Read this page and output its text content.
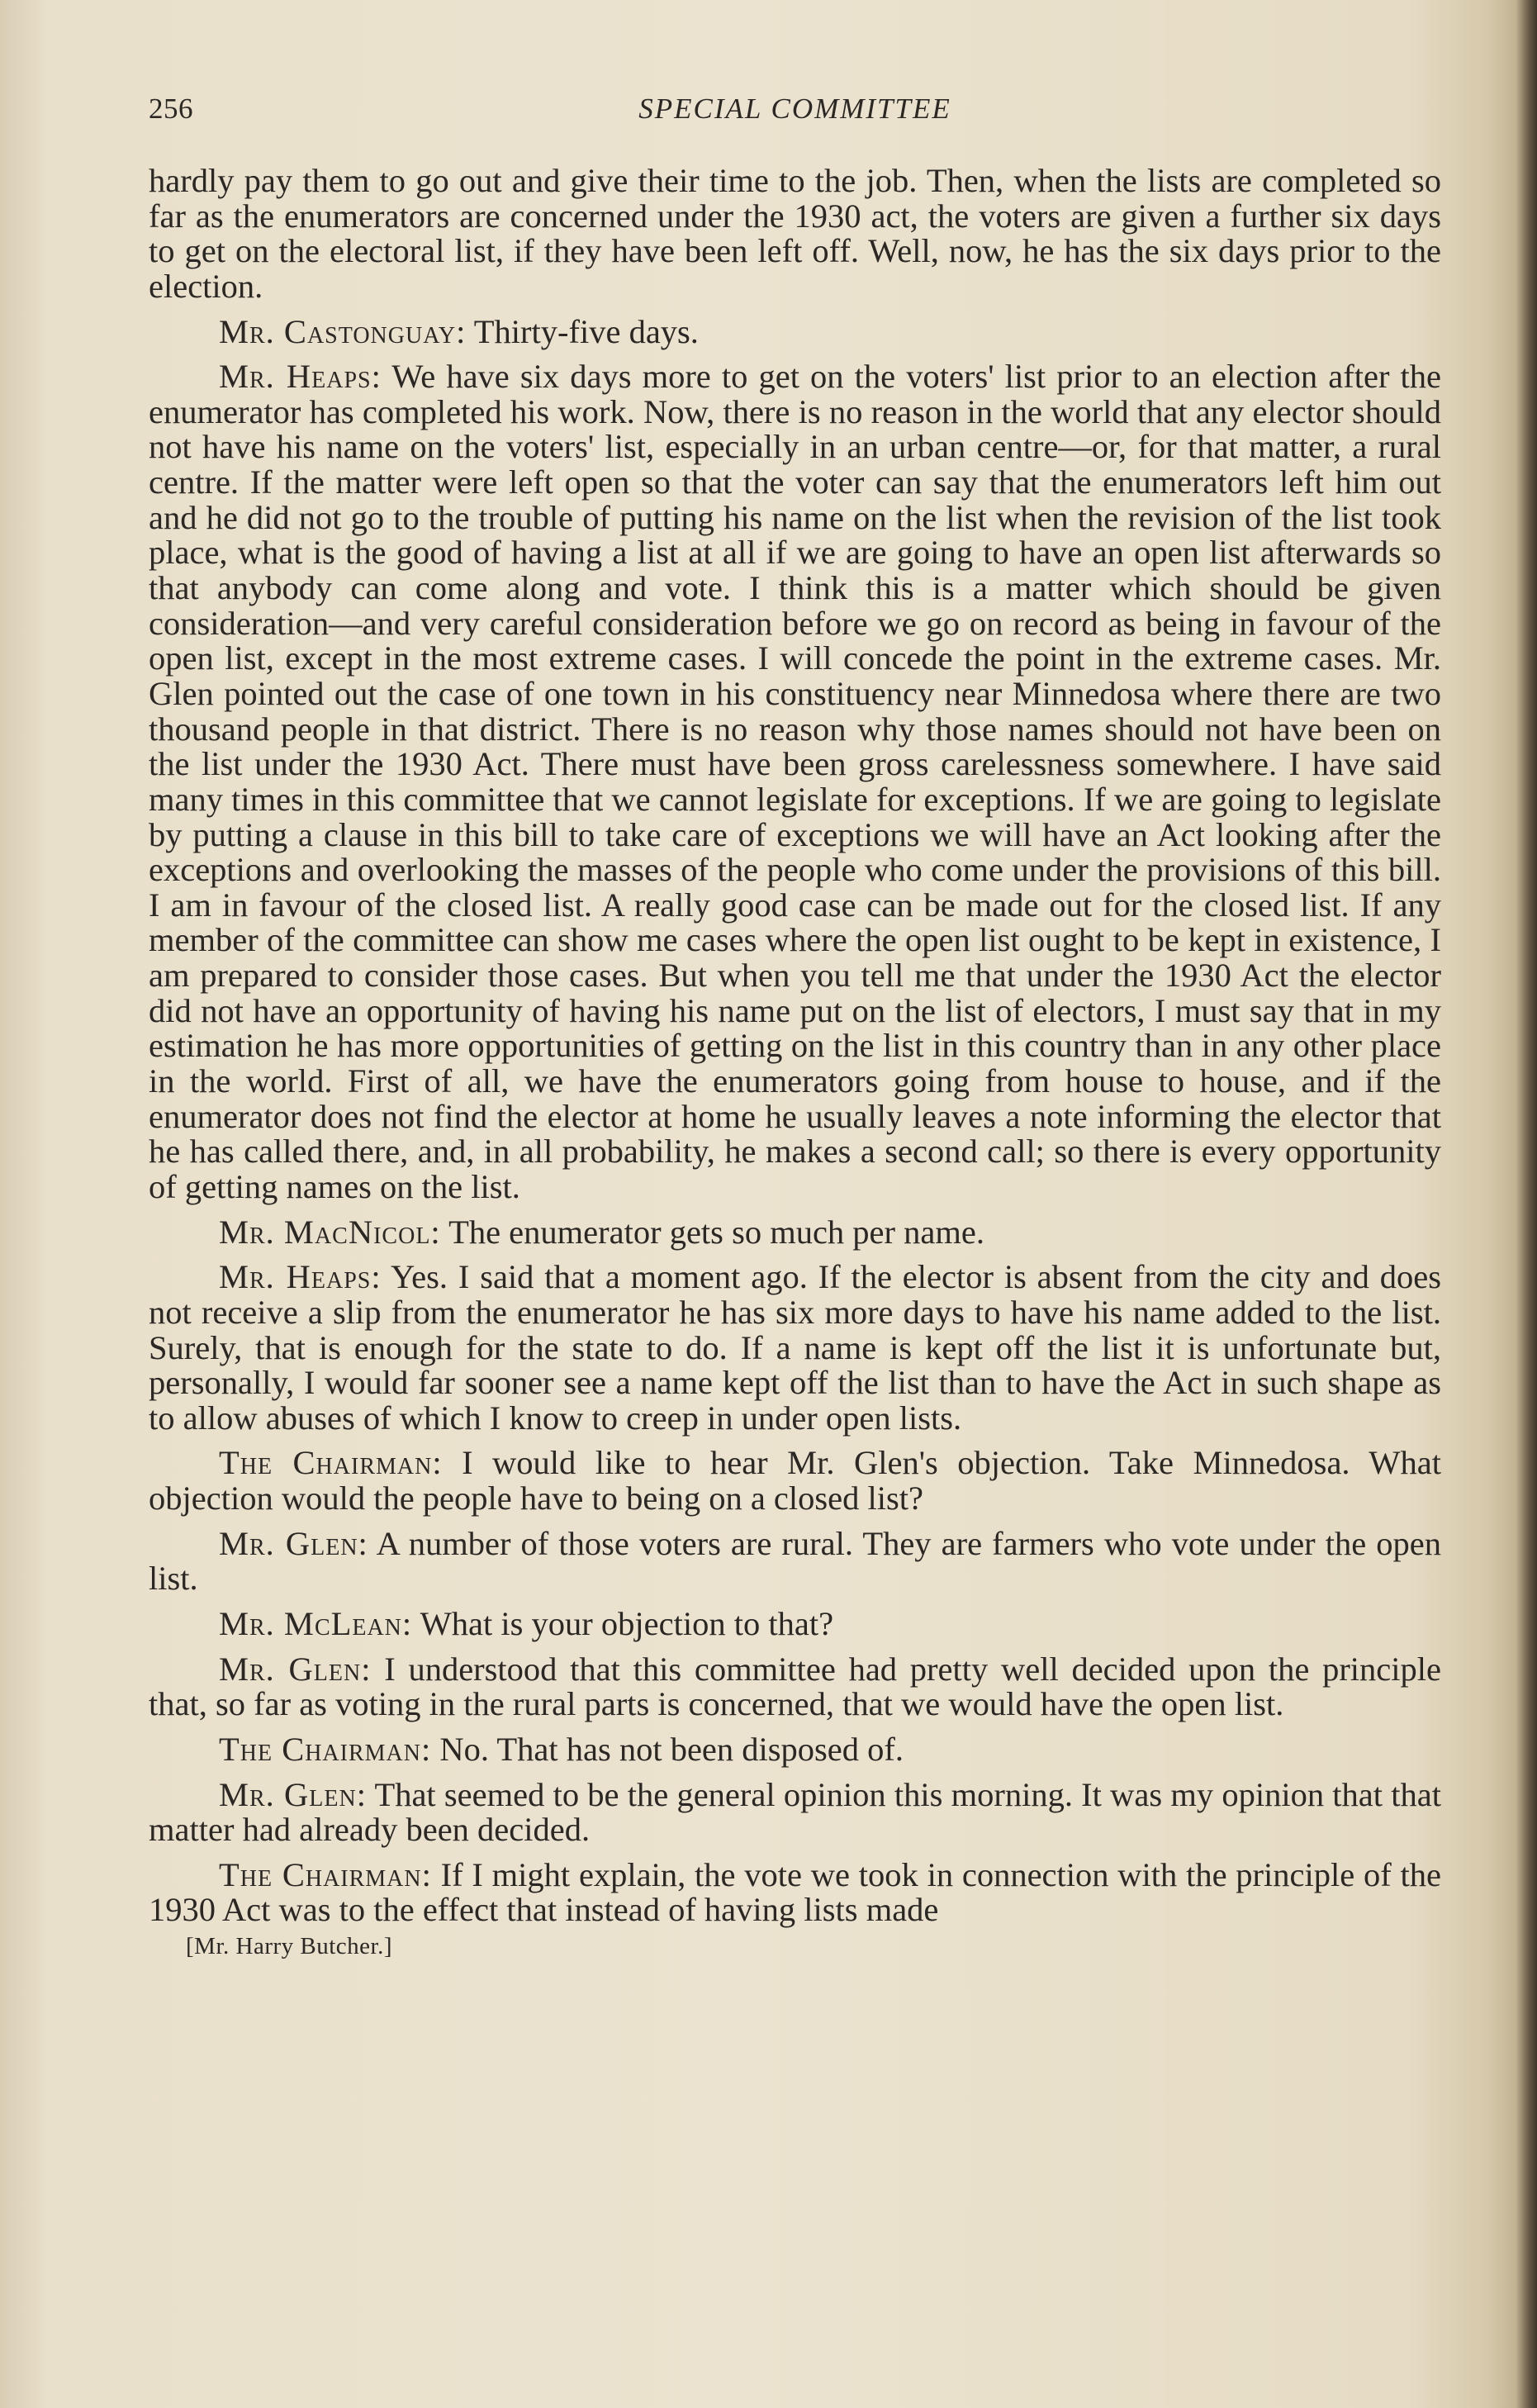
256	SPECIAL COMMITTEE

hardly pay them to go out and give their time to the job. Then, when the lists are completed so far as the enumerators are concerned under the 1930 act, the voters are given a further six days to get on the electoral list, if they have been left off. Well, now, he has the six days prior to the election.

Mr. Castonguay: Thirty-five days.

Mr. Heaps: We have six days more to get on the voters' list prior to an election after the enumerator has completed his work. Now, there is no reason in the world that any elector should not have his name on the voters' list, especially in an urban centre—or, for that matter, a rural centre. If the matter were left open so that the voter can say that the enumerators left him out and he did not go to the trouble of putting his name on the list when the revision of the list took place, what is the good of having a list at all if we are going to have an open list afterwards so that anybody can come along and vote. I think this is a matter which should be given consideration—and very careful consideration before we go on record as being in favour of the open list, except in the most extreme cases. I will concede the point in the extreme cases. Mr. Glen pointed out the case of one town in his constituency near Minnedosa where there are two thousand people in that district. There is no reason why those names should not have been on the list under the 1930 Act. There must have been gross carelessness somewhere. I have said many times in this committee that we cannot legislate for exceptions. If we are going to legislate by putting a clause in this bill to take care of exceptions we will have an Act looking after the exceptions and overlooking the masses of the people who come under the provisions of this bill. I am in favour of the closed list. A really good case can be made out for the closed list. If any member of the committee can show me cases where the open list ought to be kept in existence, I am prepared to consider those cases. But when you tell me that under the 1930 Act the elector did not have an opportunity of having his name put on the list of electors, I must say that in my estimation he has more opportunities of getting on the list in this country than in any other place in the world. First of all, we have the enumerators going from house to house, and if the enumerator does not find the elector at home he usually leaves a note informing the elector that he has called there, and, in all probability, he makes a second call; so there is every opportunity of getting names on the list.

Mr. MacNicol: The enumerator gets so much per name.

Mr. Heaps: Yes. I said that a moment ago. If the elector is absent from the city and does not receive a slip from the enumerator he has six more days to have his name added to the list. Surely, that is enough for the state to do. If a name is kept off the list it is unfortunate but, personally, I would far sooner see a name kept off the list than to have the Act in such shape as to allow abuses of which I know to creep in under open lists.

The Chairman: I would like to hear Mr. Glen's objection. Take Minnedosa. What objection would the people have to being on a closed list?

Mr. Glen: A number of those voters are rural. They are farmers who vote under the open list.

Mr. McLean: What is your objection to that?

Mr. Glen: I understood that this committee had pretty well decided upon the principle that, so far as voting in the rural parts is concerned, that we would have the open list.

The Chairman: No. That has not been disposed of.

Mr. Glen: That seemed to be the general opinion this morning. It was my opinion that that matter had already been decided.

The Chairman: If I might explain, the vote we took in connection with the principle of the 1930 Act was to the effect that instead of having lists made

[Mr. Harry Butcher.]
